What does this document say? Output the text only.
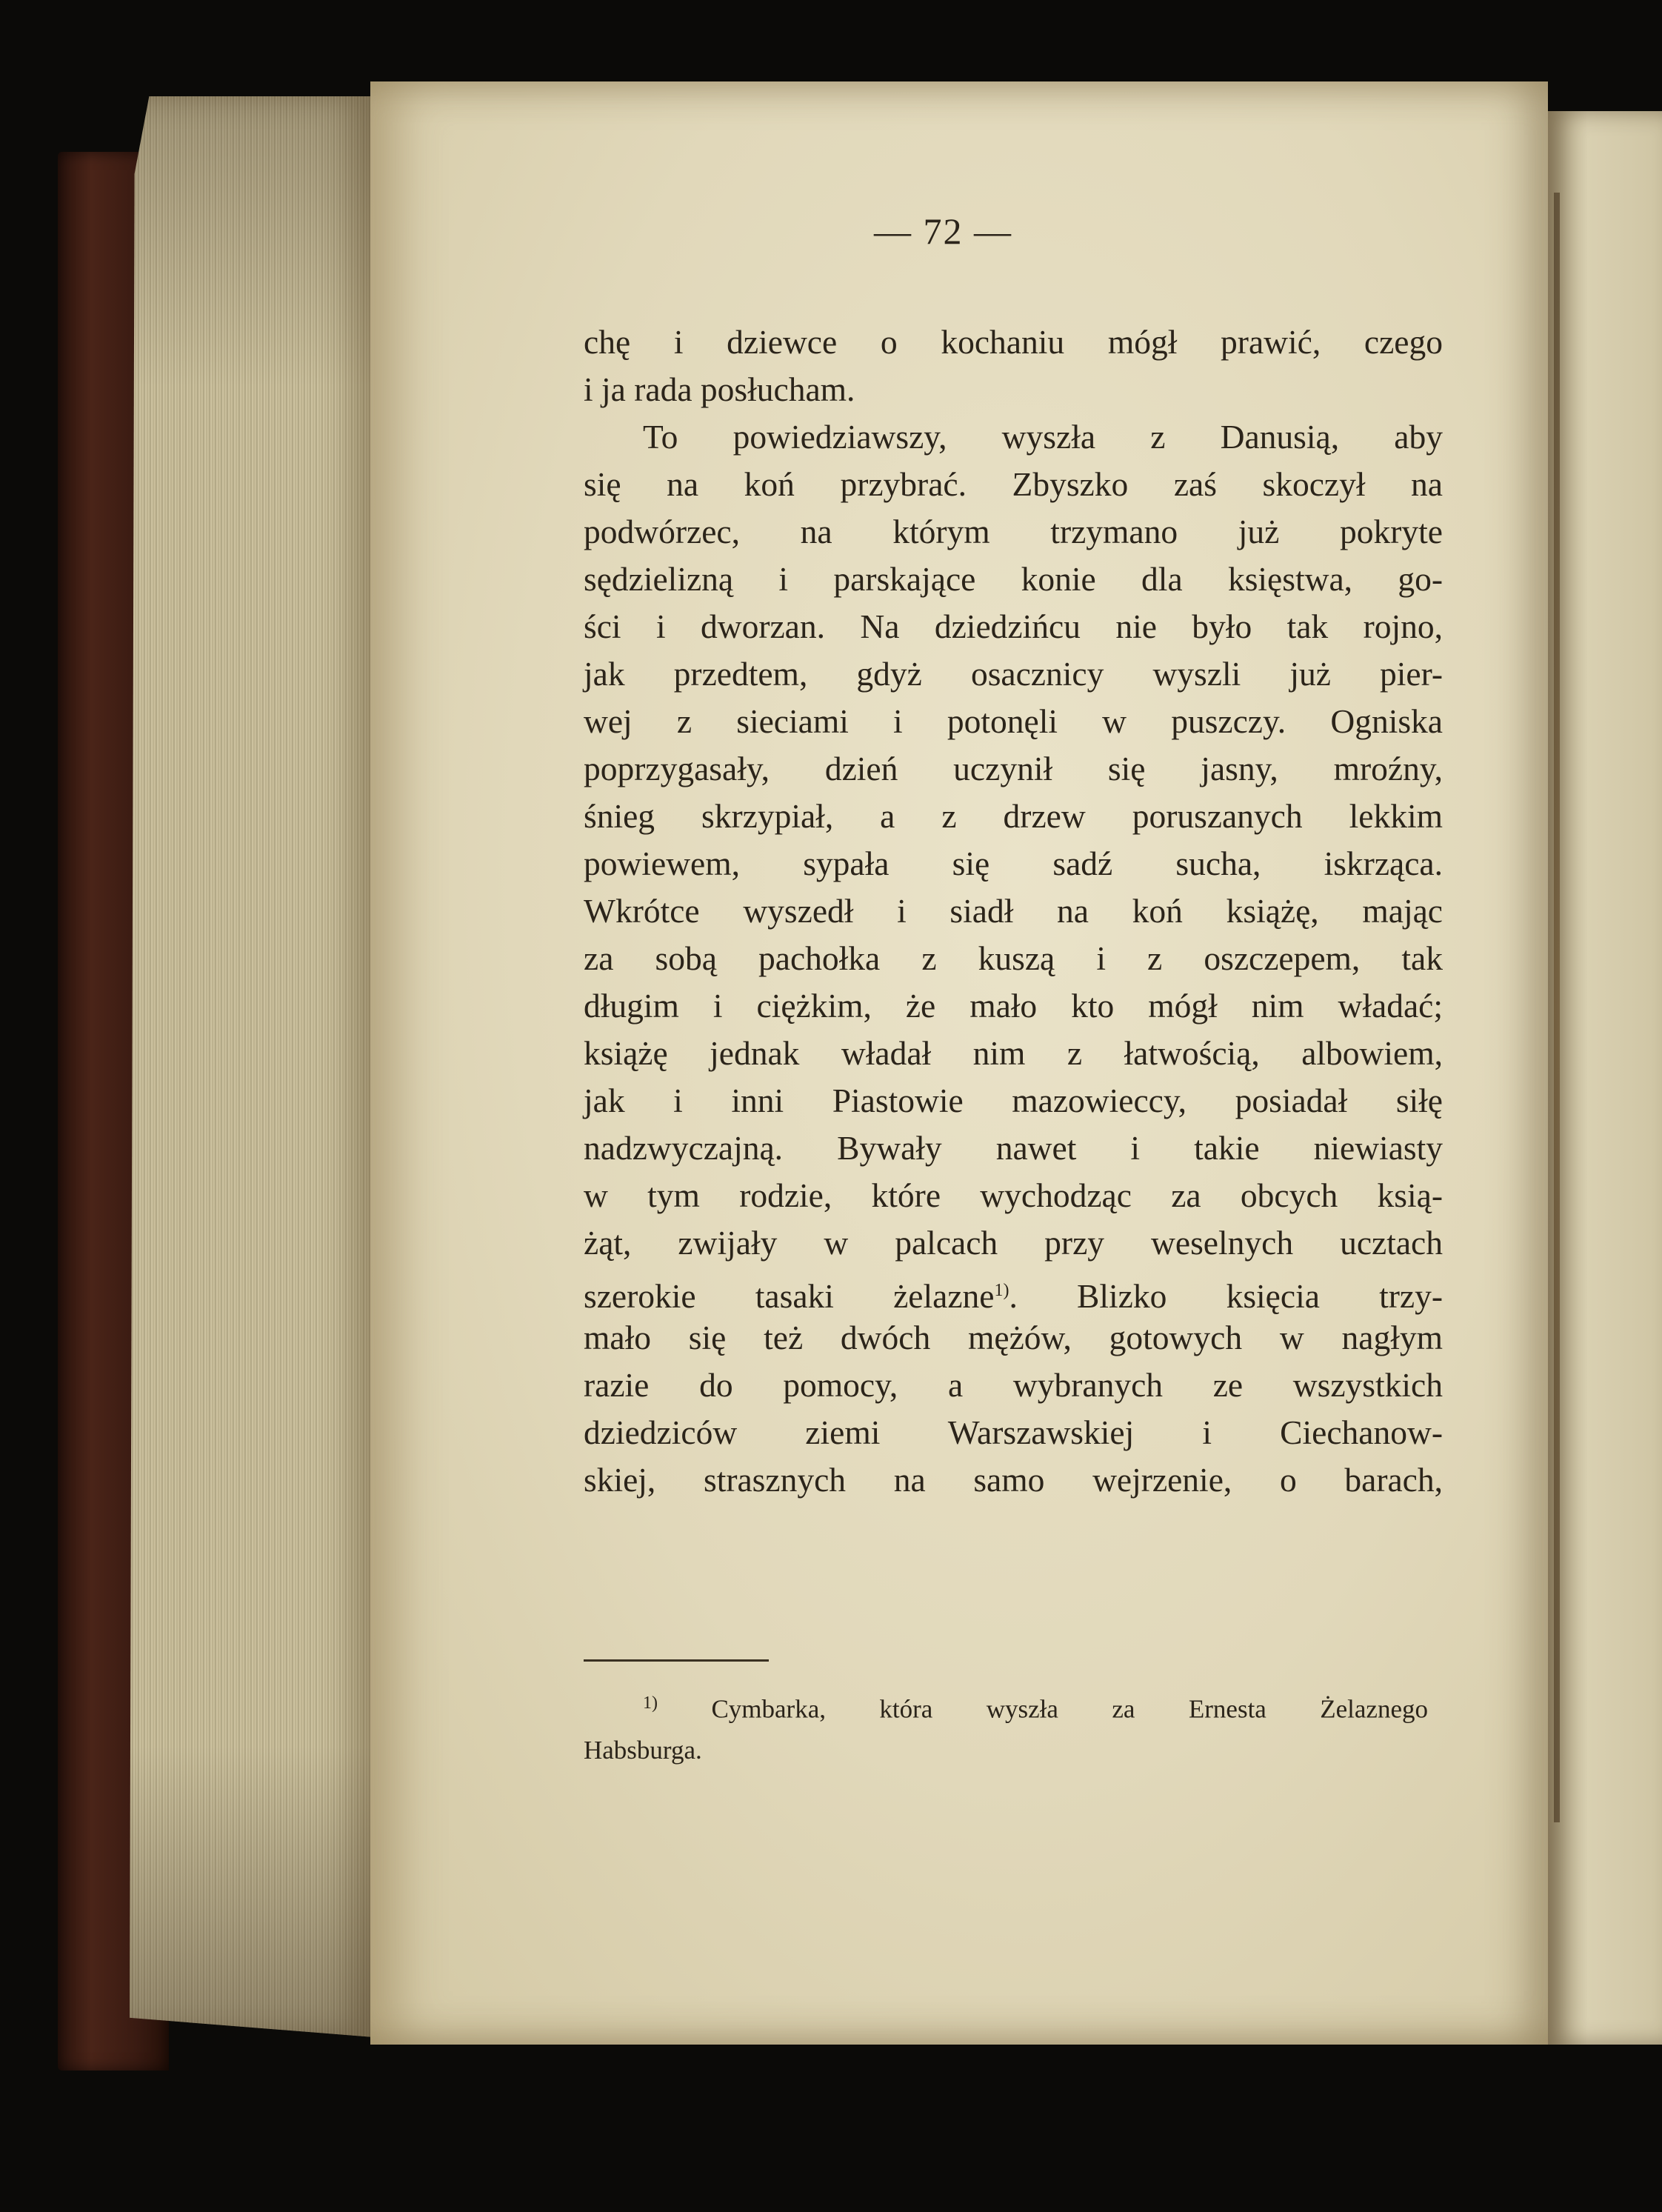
— 72 —
chę i dziewce o kochaniu mógł prawić, czego
i ja rada posłucham.
To powiedziawszy, wyszła z Danusią, aby
się na koń przybrać. Zbyszko zaś skoczył na
podwórzec, na którym trzymano już pokryte
sędzielizną i parskające konie dla księstwa, go-
ści i dworzan. Na dziedzińcu nie było tak rojno,
jak przedtem, gdyż osacznicy wyszli już pier-
wej z sieciami i potonęli w puszczy. Ogniska
poprzygasały, dzień uczynił się jasny, mroźny,
śnieg skrzypiał, a z drzew poruszanych lekkim
powiewem, sypała się sadź sucha, iskrząca.
Wkrótce wyszedł i siadł na koń książę, mając
za sobą pachołka z kuszą i z oszczepem, tak
długim i ciężkim, że mało kto mógł nim władać;
książę jednak władał nim z łatwością, albowiem,
jak i inni Piastowie mazowieccy, posiadał siłę
nadzwyczajną. Bywały nawet i takie niewiasty
w tym rodzie, które wychodząc za obcych ksią-
żąt, zwijały w palcach przy weselnych ucztach
szerokie tasaki żelazne$^{1)}$. Blizko księcia trzy-
mało się też dwóch mężów, gotowych w nagłym
razie do pomocy, a wybranych ze wszystkich
dziedziców ziemi Warszawskiej i Ciechanow-
skiej, strasznych na samo wejrzenie, o barach,
$^{1)}$ Cymbarka, która wyszła za Ernesta Żelaznego
Habsburga.
